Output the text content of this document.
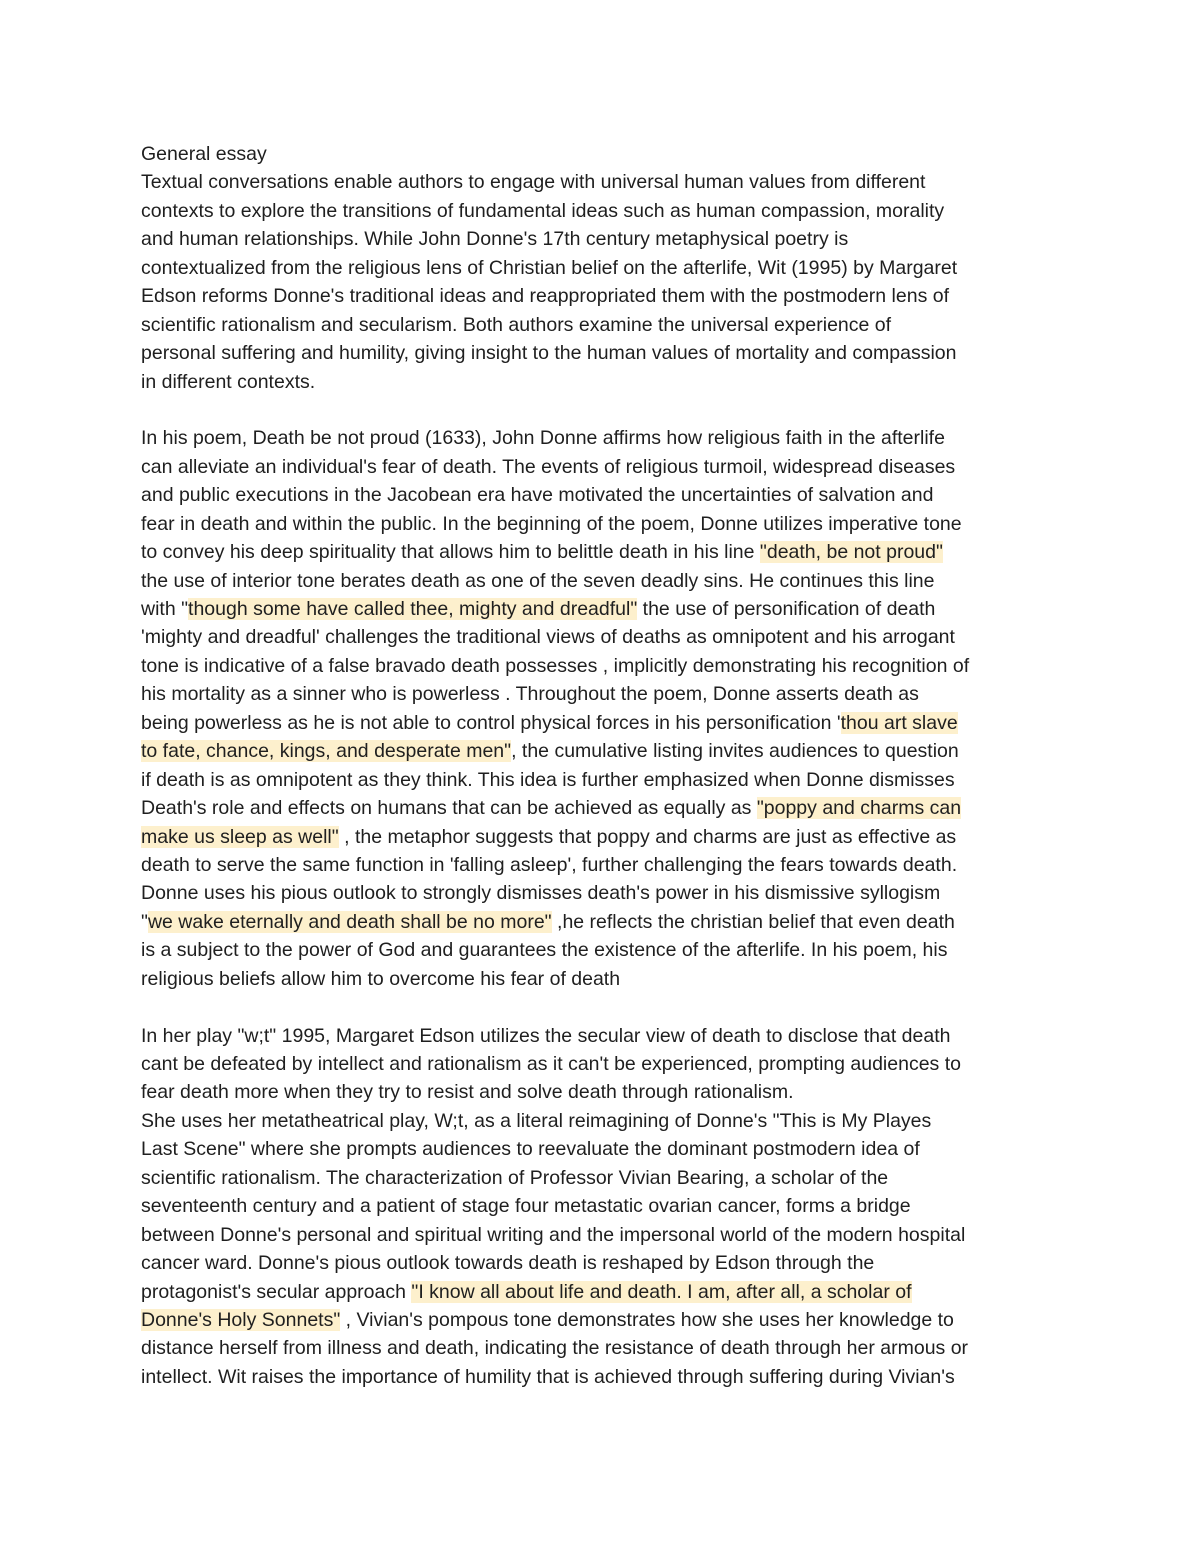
General essay
Textual conversations enable authors to engage with universal human values from different
contexts to explore the transitions of fundamental ideas such as human compassion, morality
and human relationships. While John Donne's 17th century metaphysical poetry is
contextualized from the religious lens of Christian belief on the afterlife, Wit (1995) by Margaret
Edson reforms Donne's traditional ideas and reappropriated them with the postmodern lens of
scientific rationalism and secularism. Both authors examine the universal experience of
personal suffering and humility, giving insight to the human values of mortality and compassion
in different contexts.
In his poem, Death be not proud (1633), John Donne affirms how religious faith in the afterlife
can alleviate an individual's fear of death. The events of religious turmoil, widespread diseases
and public executions in the Jacobean era have motivated the uncertainties of salvation and
fear in death and within the public. In the beginning of the poem, Donne utilizes imperative tone
to convey his deep spirituality that allows him to belittle death in his line "death, be not proud"
the use of interior tone berates death as one of the seven deadly sins. He continues this line
with "though some have called thee, mighty and dreadful" the use of personification of death
'mighty and dreadful' challenges the traditional views of deaths as omnipotent and his arrogant
tone is indicative of a false bravado death possesses , implicitly demonstrating his recognition of
his mortality as a sinner who is powerless . Throughout the poem, Donne asserts death as
being powerless as he is not able to control physical forces in his personification 'thou art slave
to fate, chance, kings, and desperate men", the cumulative listing invites audiences to question
if death is as omnipotent as they think. This idea is further emphasized when Donne dismisses
Death's role and effects on humans that can be achieved as equally as "poppy and charms can
make us sleep as well" , the metaphor suggests that poppy and charms are just as effective as
death to serve the same function in 'falling asleep', further challenging the fears towards death.
Donne uses his pious outlook to strongly dismisses death's power in his dismissive syllogism
"we wake eternally and death shall be no more" ,he reflects the christian belief that even death
is a subject to the power of God and guarantees the existence of the afterlife. In his poem, his
religious beliefs allow him to overcome his fear of death
In her play "w;t" 1995, Margaret Edson utilizes the secular view of death to disclose that death
cant be defeated by intellect and rationalism as it can't be experienced, prompting audiences to
fear death more when they try to resist and solve death through rationalism.
She uses her metatheatrical play, W;t, as a literal reimagining of Donne's "This is My Playes
Last Scene" where she prompts audiences to reevaluate the dominant postmodern idea of
scientific rationalism. The characterization of Professor Vivian Bearing, a scholar of the
seventeenth century and a patient of stage four metastatic ovarian cancer, forms a bridge
between Donne's personal and spiritual writing and the impersonal world of the modern hospital
cancer ward. Donne's pious outlook towards death is reshaped by Edson through the
protagonist's secular approach "I know all about life and death. I am, after all, a scholar of
Donne's Holy Sonnets" , Vivian's pompous tone demonstrates how she uses her knowledge to
distance herself from illness and death, indicating the resistance of death through her armous or
intellect. Wit raises the importance of humility that is achieved through suffering during Vivian's
